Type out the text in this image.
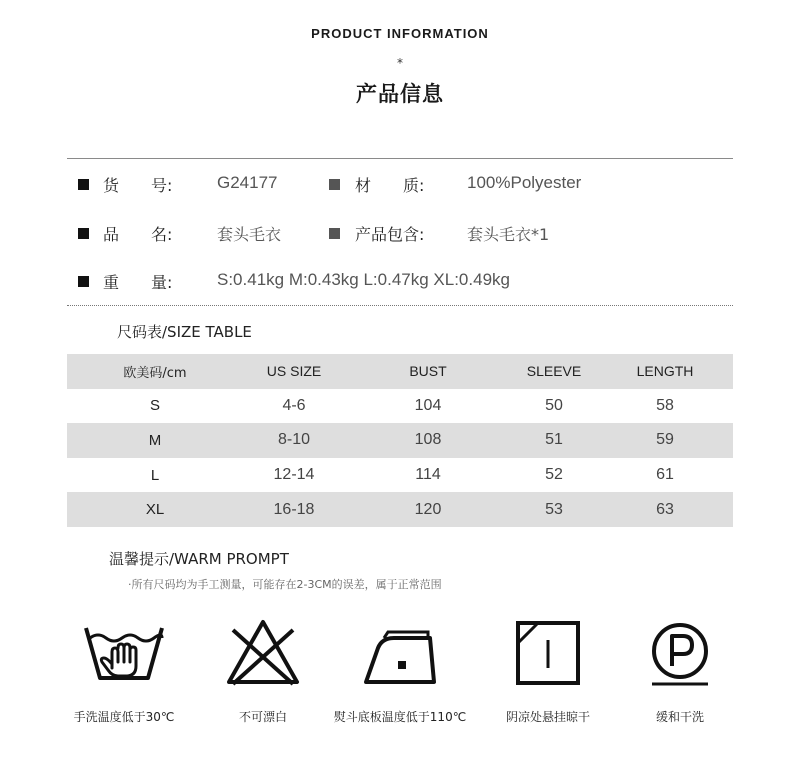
PRODUCT INFORMATION
*
产品信息
货　　号:	G24177	材　　质:	100%Polyester
品　　名:	套头毛衣	产品包含:	套头毛衣*1
重　　量:	S:0.41kg M:0.43kg L:0.47kg XL:0.49kg
尺码表/SIZE TABLE
欧美码/cm	US SIZE	BUST	SLEEVE	LENGTH
S	4-6	104	50	58
M	8-10	108	51	59
L	12-14	114	52	61
XL	16-18	120	53	63
温馨提示/WARM PROMPT
·所有尺码均为手工测量，可能存在2-3CM的误差，属于正常范围
手洗温度低于30℃	不可漂白	熨斗底板温度低于110℃	阴凉处悬挂晾干	缓和干洗
